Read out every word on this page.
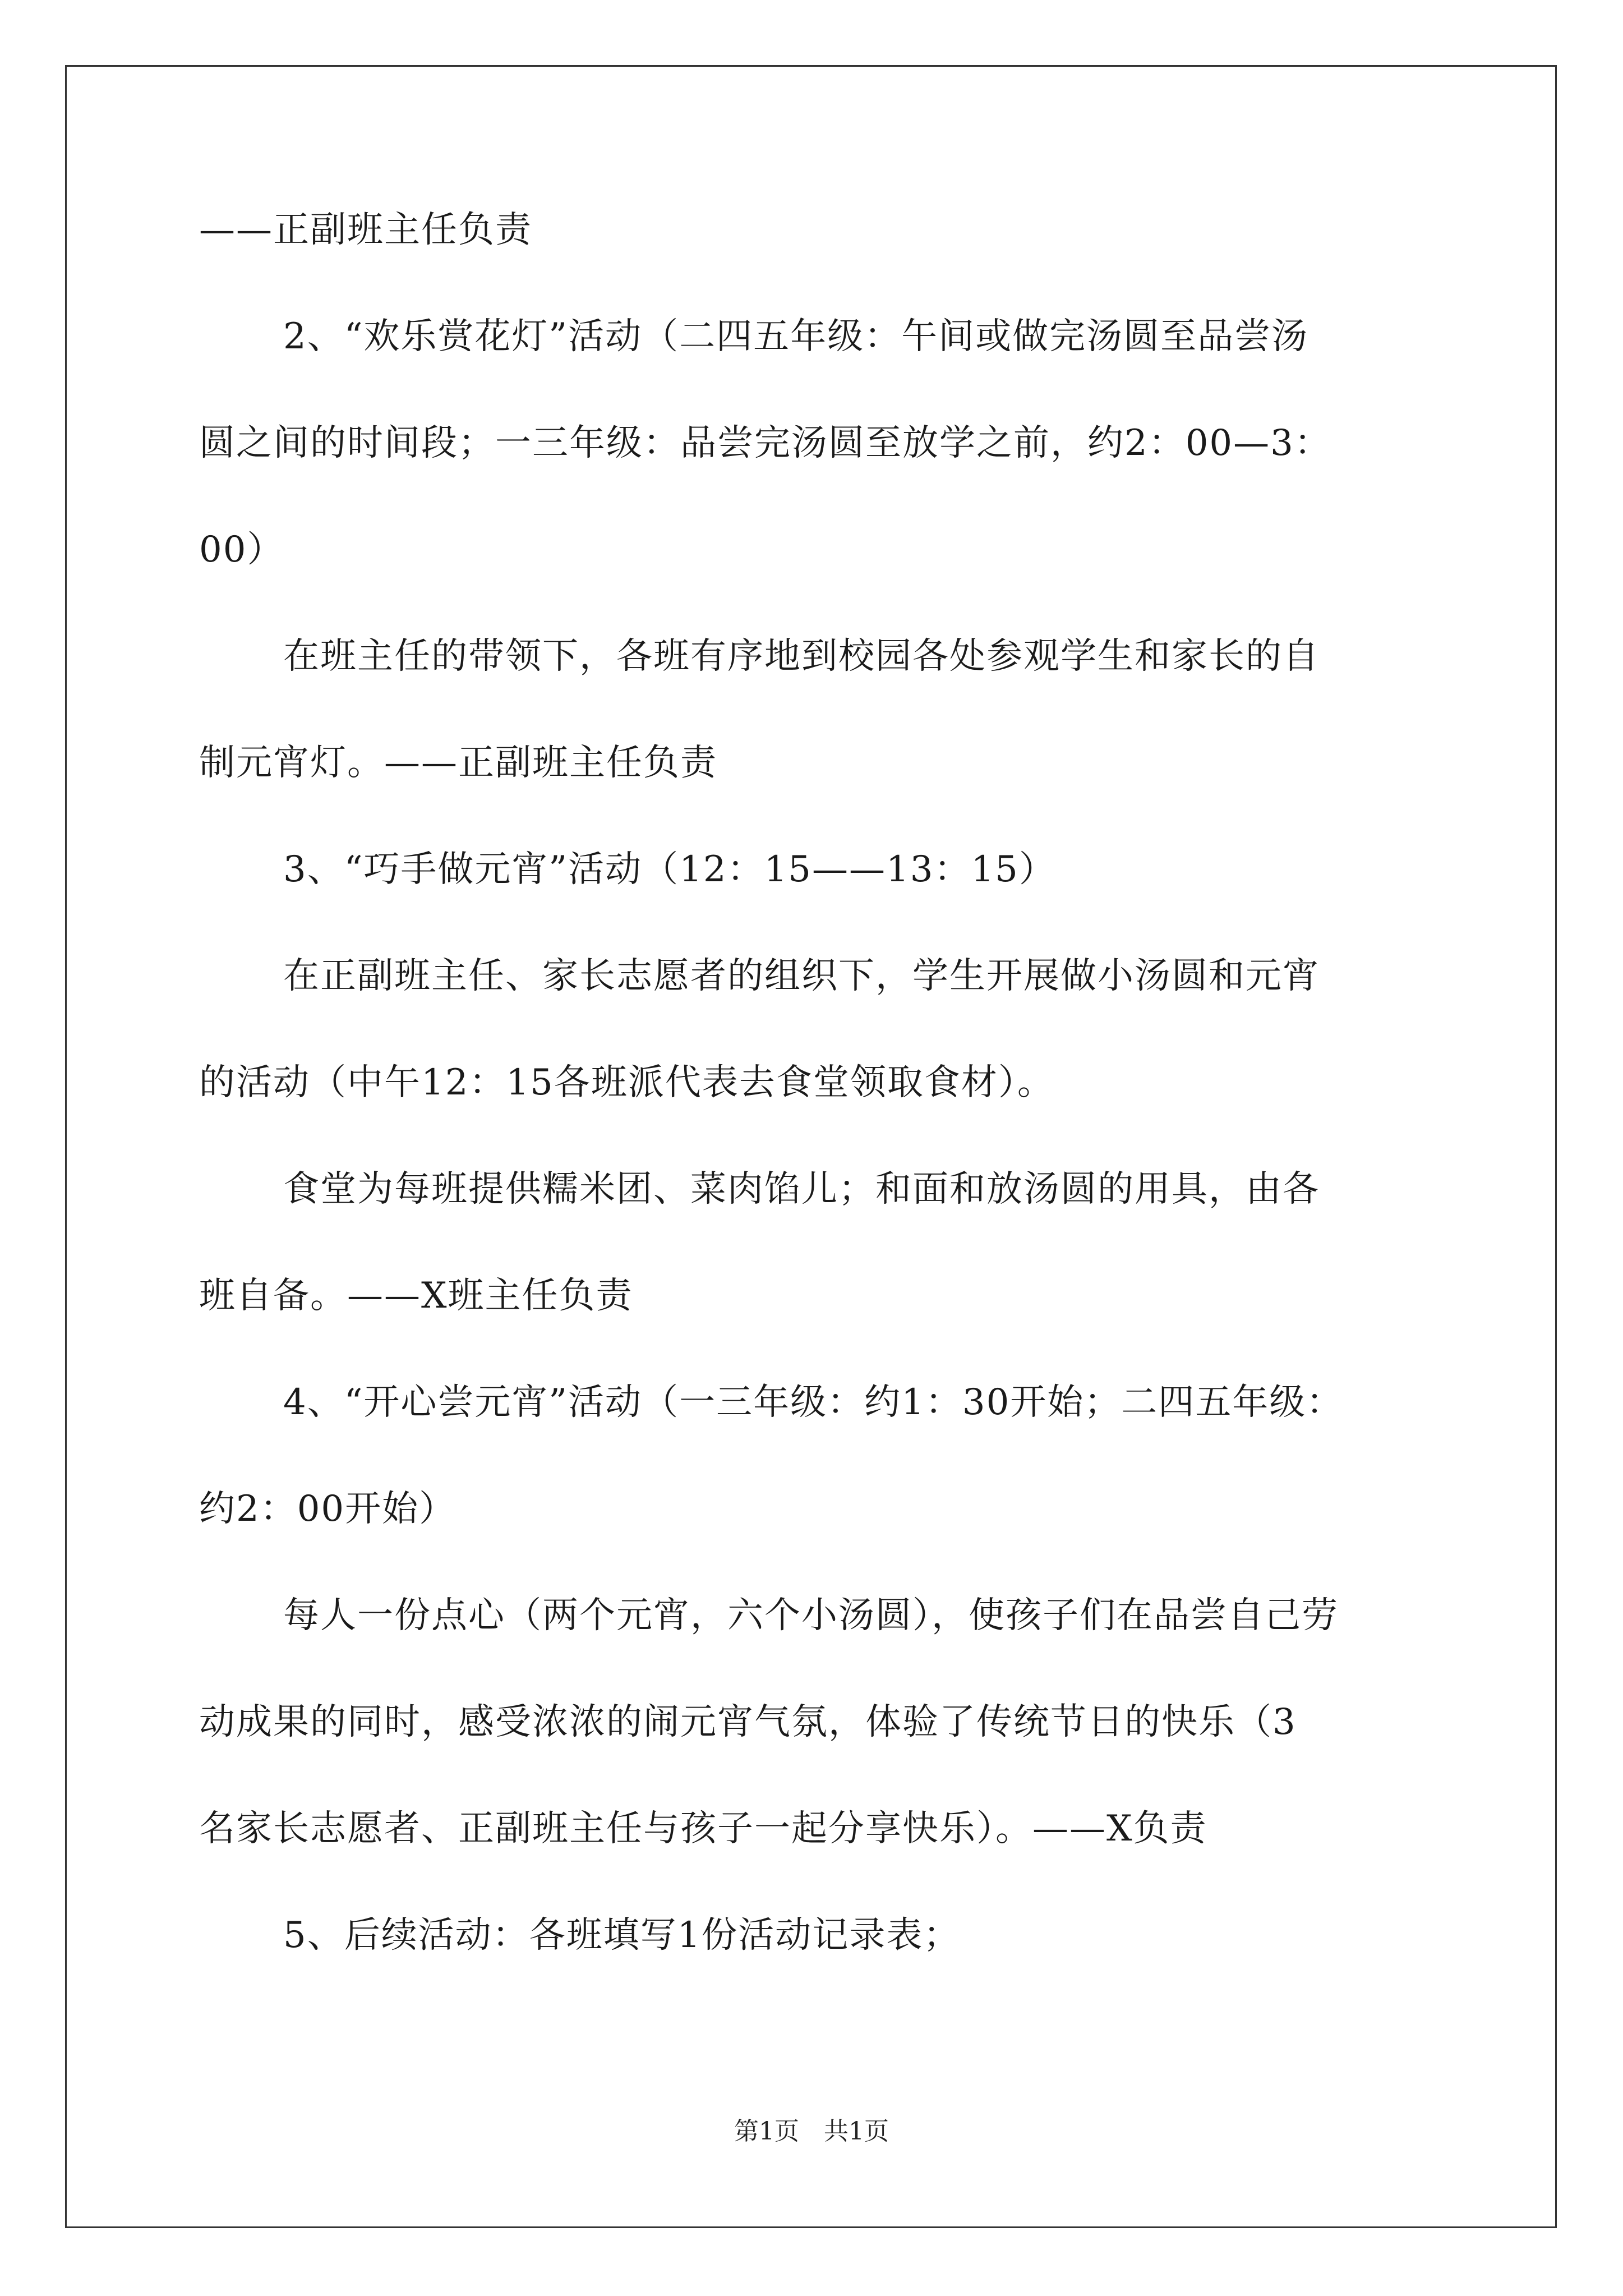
——正副班主任负责
2、“欢乐赏花灯”活动（二四五年级：午间或做完汤圆至品尝汤
圆之间的时间段；一三年级：品尝完汤圆至放学之前，约2：00—3：
00）
在班主任的带领下，各班有序地到校园各处参观学生和家长的自
制元宵灯。——正副班主任负责
3、“巧手做元宵”活动（12：15——13：15）
在正副班主任、家长志愿者的组织下，学生开展做小汤圆和元宵
的活动（中午12：15各班派代表去食堂领取食材）。
食堂为每班提供糯米团、菜肉馅儿；和面和放汤圆的用具，由各
班自备。——X班主任负责
4、“开心尝元宵”活动（一三年级：约1：30开始；二四五年级：
约2：00开始）
每人一份点心（两个元宵，六个小汤圆），使孩子们在品尝自己劳
动成果的同时，感受浓浓的闹元宵气氛，体验了传统节日的快乐（3
名家长志愿者、正副班主任与孩子一起分享快乐）。——X负责
5、后续活动：各班填写1份活动记录表；
第1页　共1页
